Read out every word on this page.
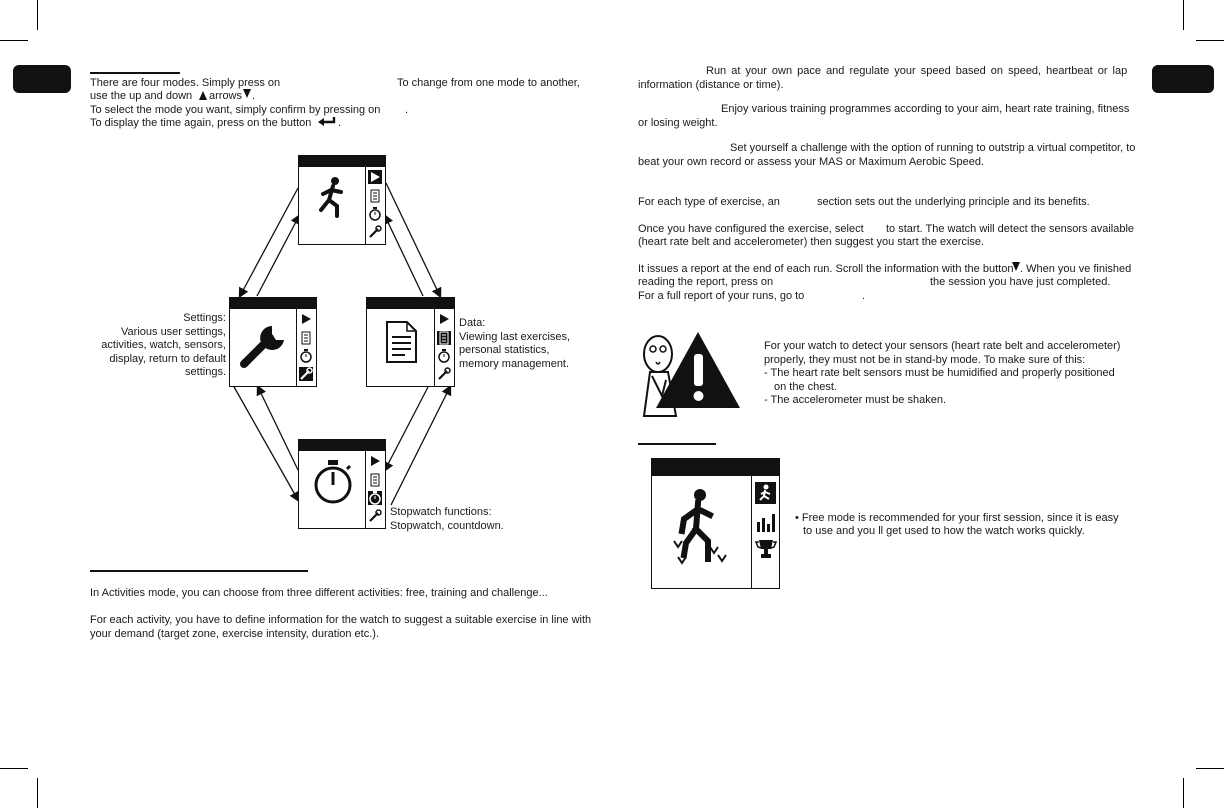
There are four modes. Simply press on	To change from one mode to another,
use the up and down arrows .
To select the mode you want, simply confirm by pressing on .
To display the time again, press on the button .
Settings:
Various user settings,
activities, watch, sensors,
display, return to default
settings.
Data:
Viewing last exercises,
personal statistics,
memory management.
Stopwatch functions:
Stopwatch, countdown.
In Activities mode, you can choose from three different activities: free, training and challenge...
For each activity, you have to define information for the watch to suggest a suitable exercise in line with
your demand (target zone, exercise intensity, duration etc.).
Run at your own pace and regulate your speed based on speed, heartbeat or lap
information (distance or time).
Enjoy various training programmes according to your aim, heart rate training, fitness
or losing weight.
Set yourself a challenge with the option of running to outstrip a virtual competitor, to
beat your own record or assess your MAS or Maximum Aerobic Speed.
For each type of exercise, an	section sets out the underlying principle and its benefits.
Once you have configured the exercise, select to start. The watch will detect the sensors available
(heart rate belt and accelerometer) then suggest you start the exercise.
It issues a report at the end of each run. Scroll the information with the button . When you ve finished
reading the report, press on	the session you have just completed.
For a full report of your runs, go to	.
For your watch to detect your sensors (heart rate belt and accelerometer)
properly, they must not be in stand-by mode. To make sure of this:
- The heart rate belt sensors must be humidified and properly positioned
on the chest.
- The accelerometer must be shaken.
• Free mode is recommended for your first session, since it is easy
to use and you ll get used to how the watch works quickly.
